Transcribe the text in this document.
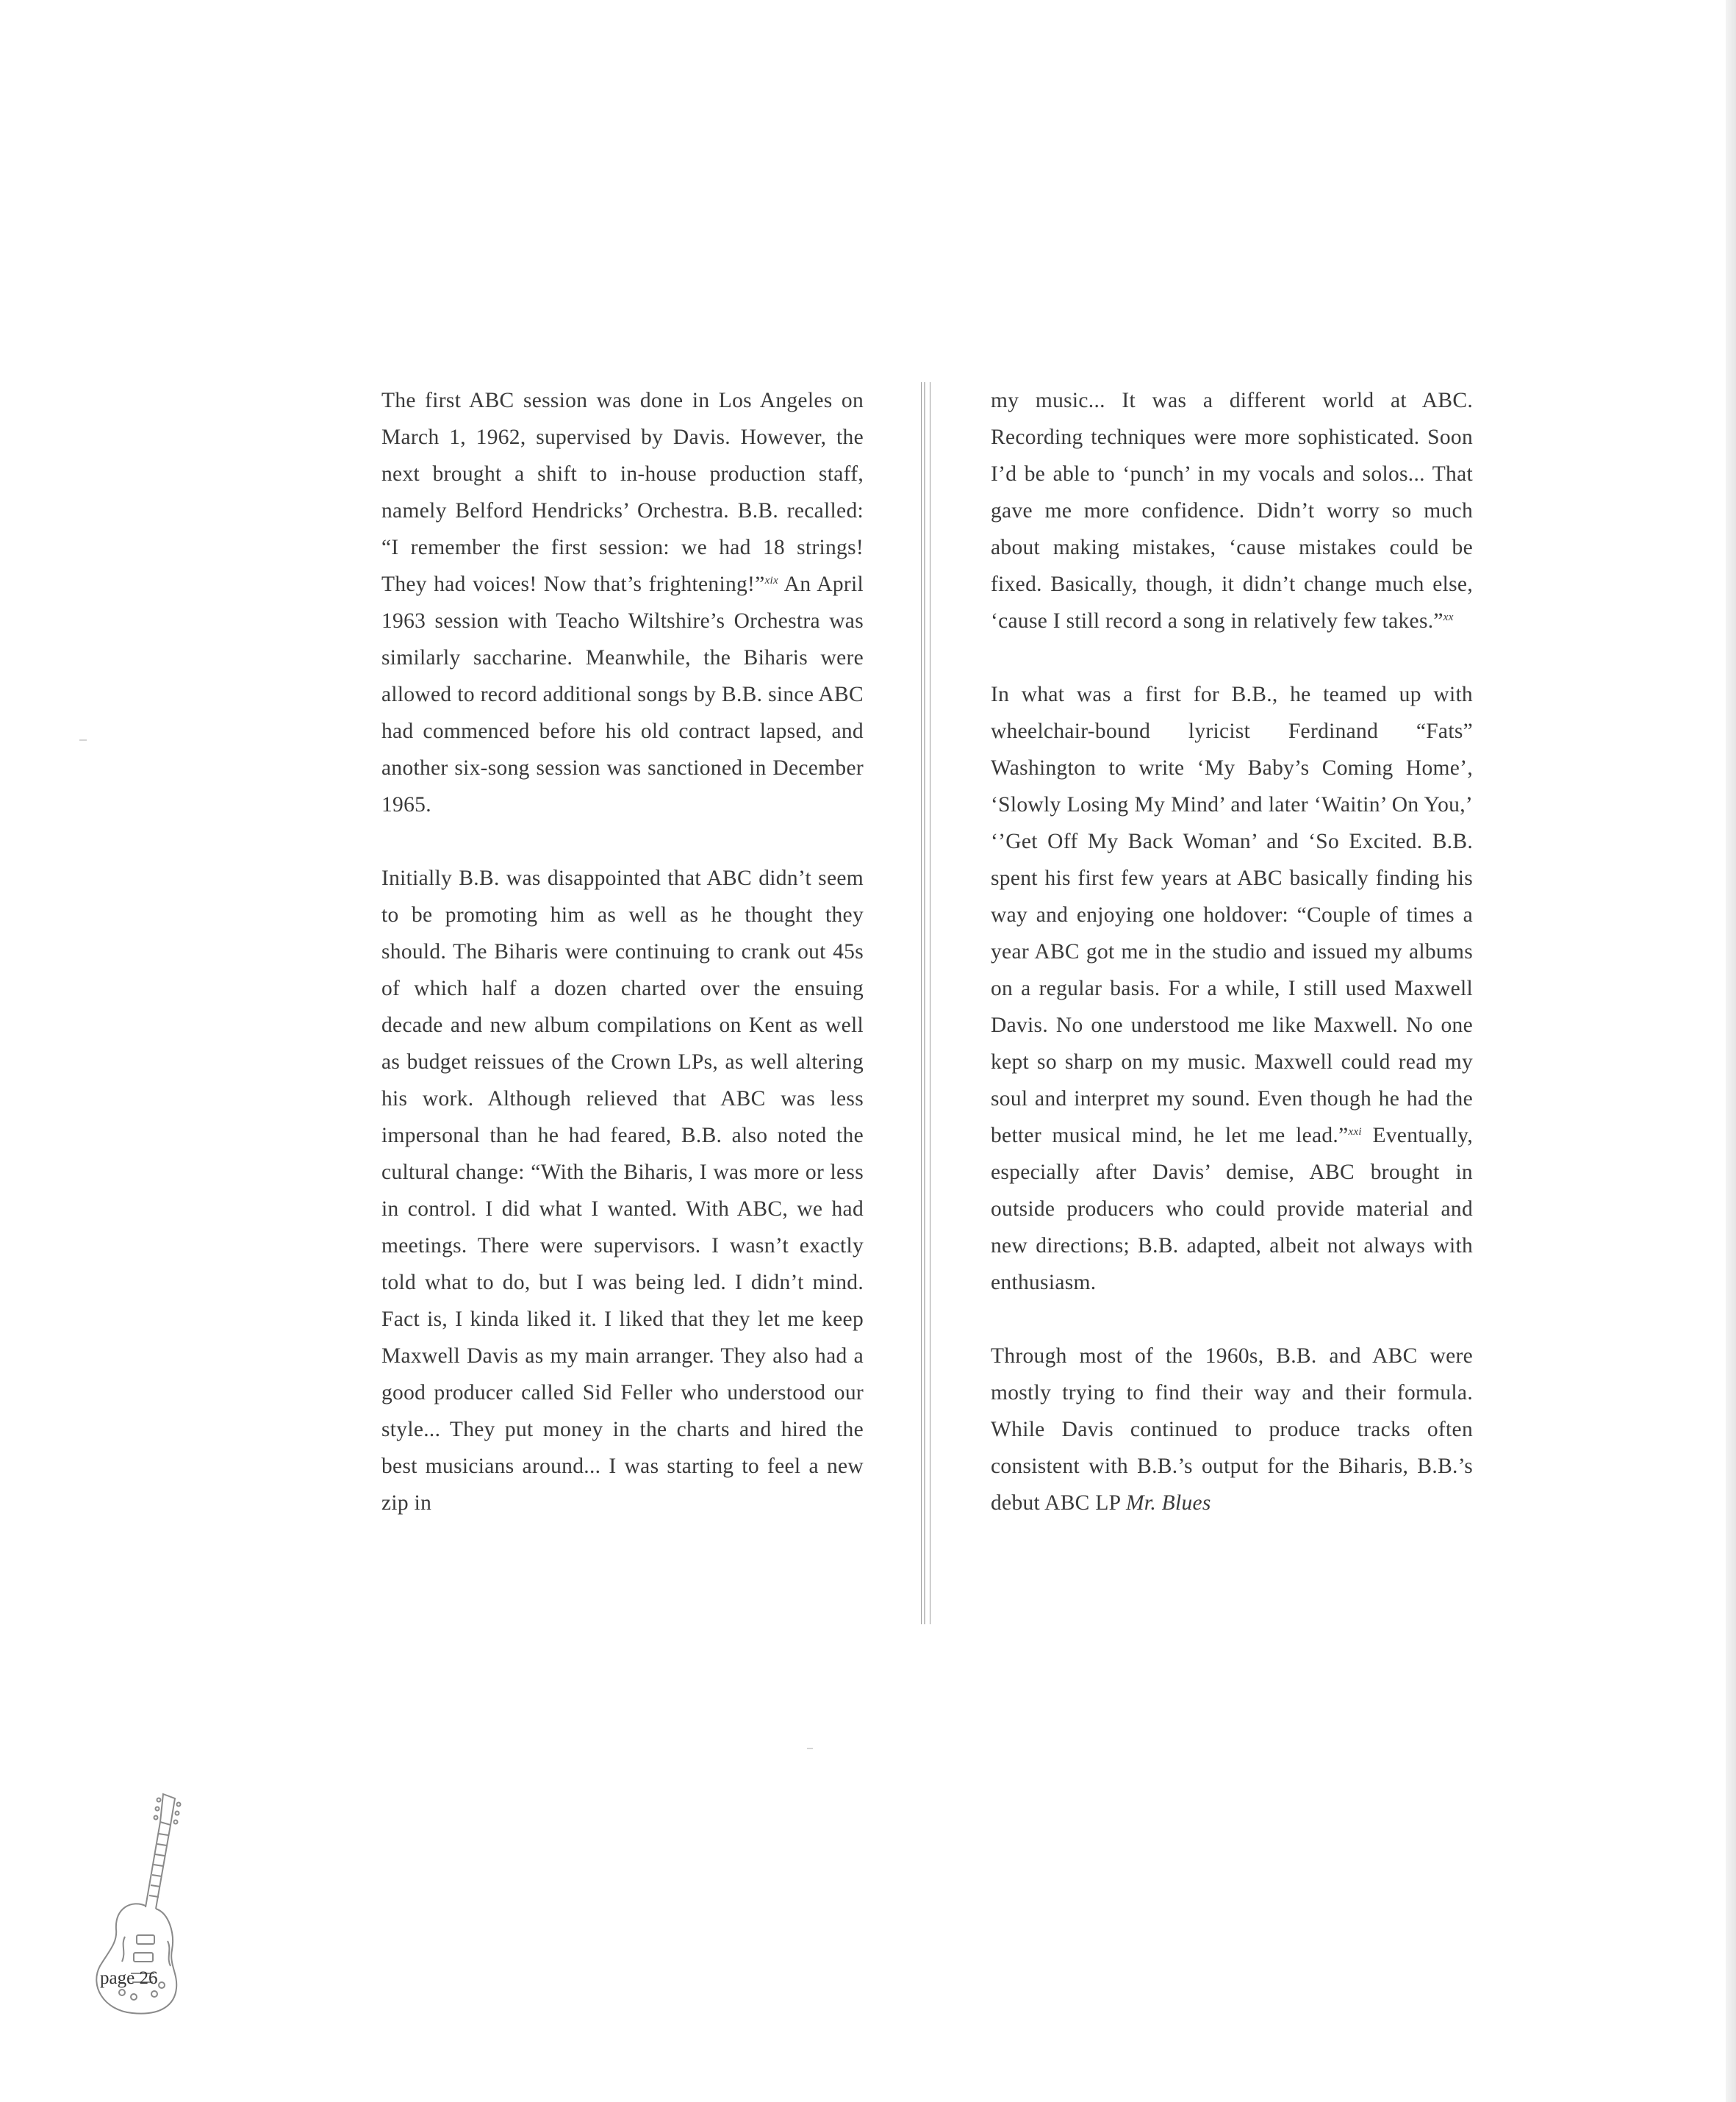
The first ABC session was done in Los Angeles on March 1, 1962, supervised by Davis. However, the next brought a shift to in-house production staff, namely Belford Hendricks’ Orchestra. B.B. recalled: “I remember the first session: we had 18 strings! They had voices! Now that’s frightening!”$^{xix}$ An April 1963 session with Teacho Wiltshire’s Orchestra was similarly saccharine. Meanwhile, the Biharis were allowed to record additional songs by B.B. since ABC had commenced before his old contract lapsed, and another six-song session was sanctioned in December 1965.

Initially B.B. was disappointed that ABC didn’t seem to be promoting him as well as he thought they should. The Biharis were continuing to crank out 45s of which half a dozen charted over the ensuing decade and new album compilations on Kent as well as budget reissues of the Crown LPs, as well altering his work. Although relieved that ABC was less impersonal than he had feared, B.B. also noted the cultural change: “With the Biharis, I was more or less in control. I did what I wanted. With ABC, we had meetings. There were supervisors. I wasn’t exactly told what to do, but I was being led. I didn’t mind. Fact is, I kinda liked it. I liked that they let me keep Maxwell Davis as my main arranger. They also had a good producer called Sid Feller who understood our style... They put money in the charts and hired the best musicians around... I was starting to feel a new zip in

my music... It was a different world at ABC. Recording techniques were more sophisticated. Soon I’d be able to ‘punch’ in my vocals and solos... That gave me more confidence. Didn’t worry so much about making mistakes, ‘cause mistakes could be fixed. Basically, though, it didn’t change much else, ‘cause I still record a song in relatively few takes.”$^{xx}$

In what was a first for B.B., he teamed up with wheelchair-bound lyricist Ferdinand “Fats” Washington to write ‘My Baby’s Coming Home’, ‘Slowly Losing My Mind’ and later ‘Waitin’ On You,’ ‘’Get Off My Back Woman’ and ‘So Excited. B.B. spent his first few years at ABC basically finding his way and enjoying one holdover: “Couple of times a year ABC got me in the studio and issued my albums on a regular basis. For a while, I still used Maxwell Davis. No one understood me like Maxwell. No one kept so sharp on my music. Maxwell could read my soul and interpret my sound. Even though he had the better musical mind, he let me lead.”$^{xxi}$ Eventually, especially after Davis’ demise, ABC brought in outside producers who could provide material and new directions; B.B. adapted, albeit not always with enthusiasm.

Through most of the 1960s, B.B. and ABC were mostly trying to find their way and their formula. While Davis continued to produce tracks often consistent with B.B.’s output for the Biharis, B.B.’s debut ABC LP Mr. Blues

page 26
